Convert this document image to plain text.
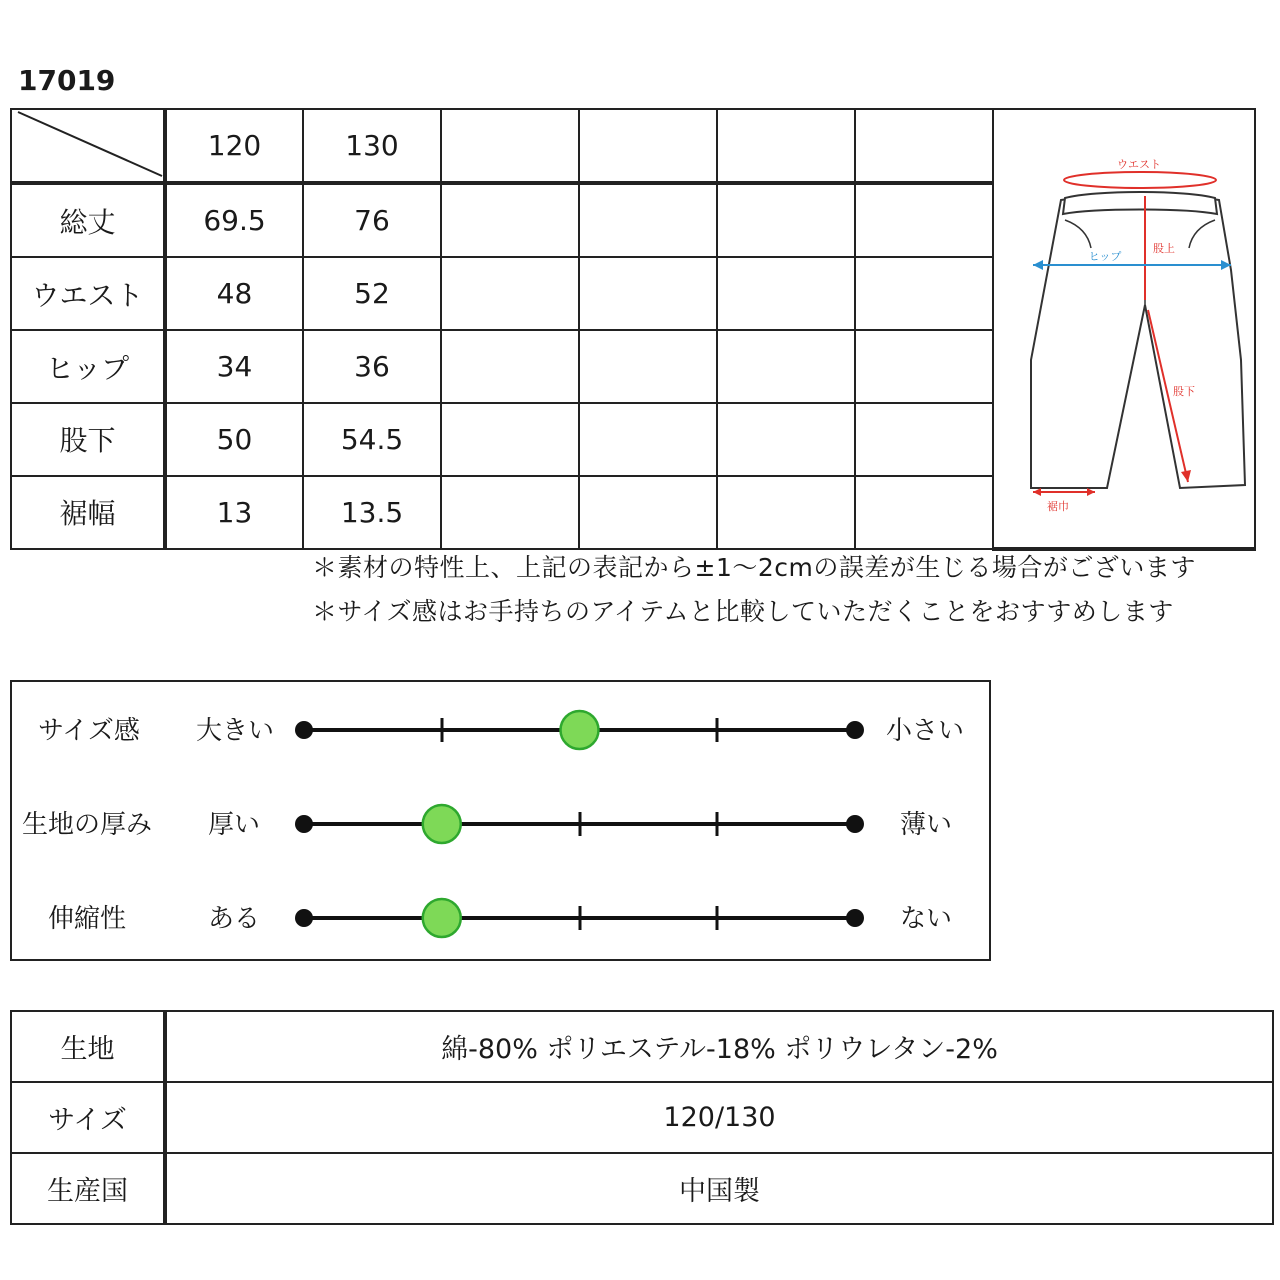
17019
	120	130					ウエスト
ヒップ
股上
股下
裾巾

総丈	69.5	76					
ウエスト	48	52					
ヒップ	34	36					
股下	50	54.5					
裾幅	13	13.5					
＊素材の特性上、上記の表記から±1～2cmの誤差が生じる場合がございます
＊サイズ感はお手持ちのアイテムと比較していただくことをおすすめします
サイズ感 大きい	小さい
生地の厚み 厚い	薄い
伸縮性	ある	ない
生地	綿-80% ポリエステル-18% ポリウレタン-2%
サイズ	120/130
生産国	中国製
